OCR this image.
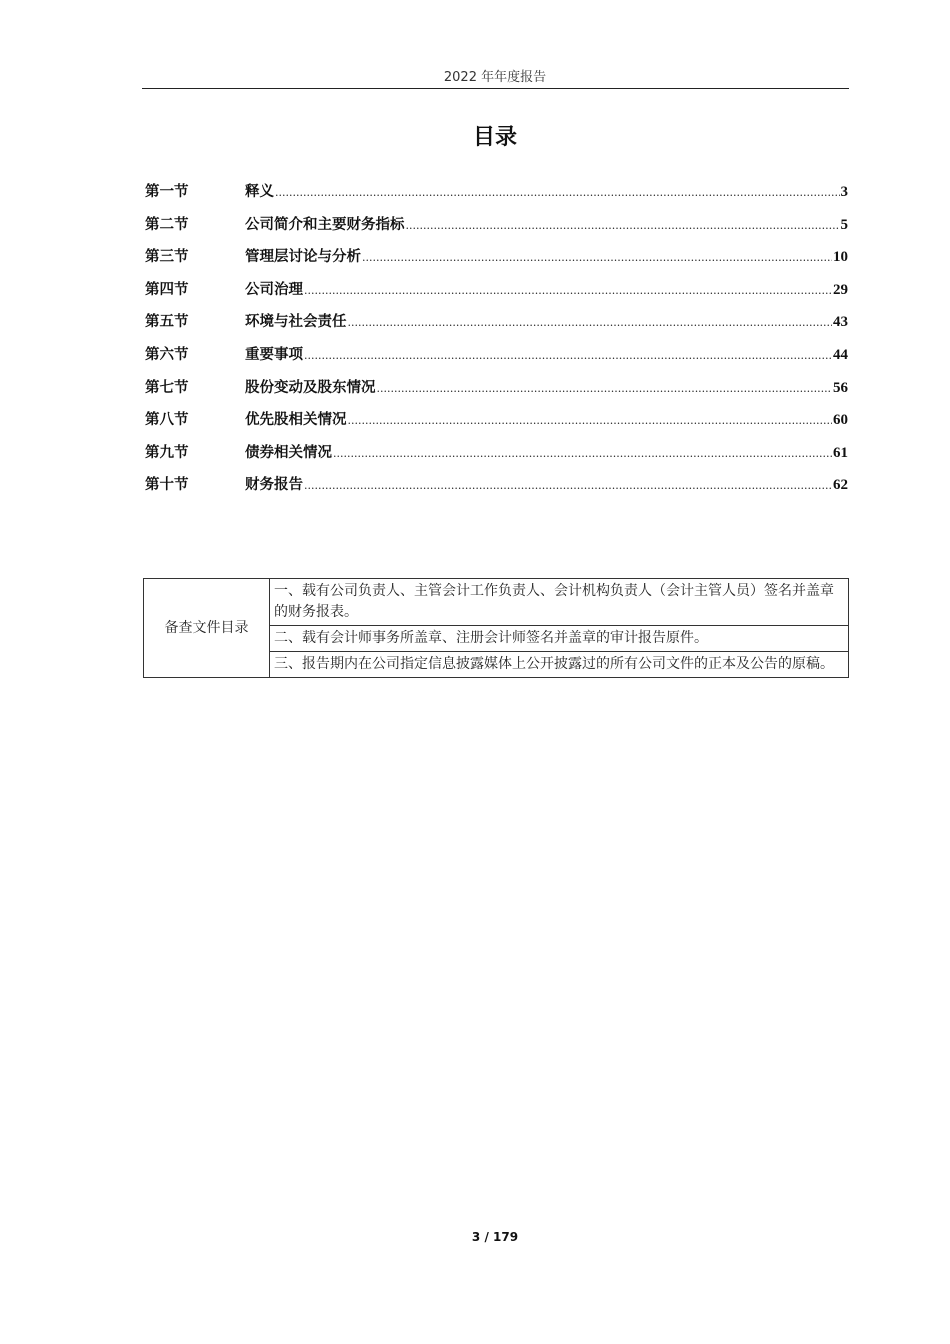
2022 年年度报告
目录
第一节	释义 .....	3
第二节	公司简介和主要财务指标 .....	5
第三节	管理层讨论与分析 .....	10
第四节	公司治理 .....	29
第五节	环境与社会责任 .....	43
第六节	重要事项 .....	44
第七节	股份变动及股东情况 .....	56
第八节	优先股相关情况 .....	60
第九节	债券相关情况 .....	61
第十节	财务报告 .....	62
备查文件目录	一、载有公司负责人、主管会计工作负责人、会计机构负责人（会计主管人员）签名并盖章的财务报表。
二、载有会计师事务所盖章、注册会计师签名并盖章的审计报告原件。
三、报告期内在公司指定信息披露媒体上公开披露过的所有公司文件的正本及公告的原稿。
3 / 179
